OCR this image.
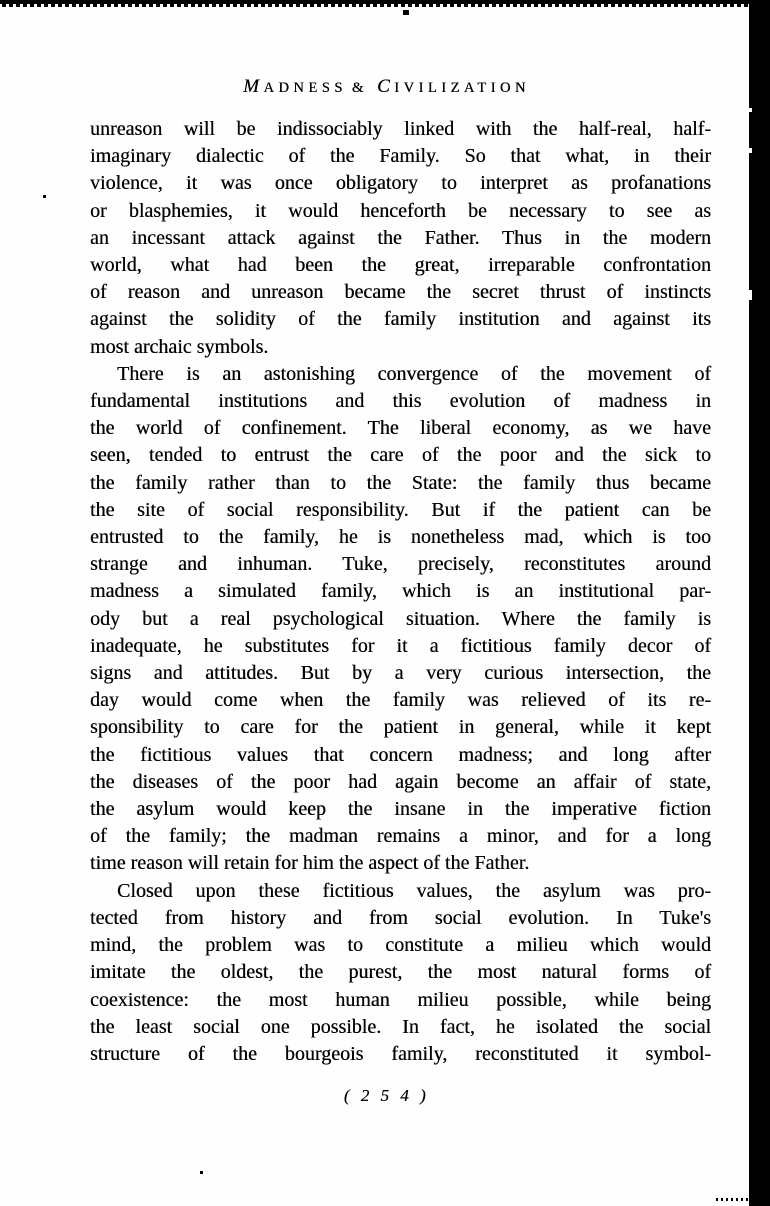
MADNESS & CIVILIZATION
unreason will be indissociably linked with the half-real, half-
imaginary dialectic of the Family. So that what, in their
violence, it was once obligatory to interpret as profanations
or blasphemies, it would henceforth be necessary to see as
an incessant attack against the Father. Thus in the modern
world, what had been the great, irreparable confrontation
of reason and unreason became the secret thrust of instincts
against the solidity of the family institution and against its
most archaic symbols.
There is an astonishing convergence of the movement of
fundamental institutions and this evolution of madness in
the world of confinement. The liberal economy, as we have
seen, tended to entrust the care of the poor and the sick to
the family rather than to the State: the family thus became
the site of social responsibility. But if the patient can be
entrusted to the family, he is nonetheless mad, which is too
strange and inhuman. Tuke, precisely, reconstitutes around
madness a simulated family, which is an institutional par-
ody but a real psychological situation. Where the family is
inadequate, he substitutes for it a fictitious family decor of
signs and attitudes. But by a very curious intersection, the
day would come when the family was relieved of its re-
sponsibility to care for the patient in general, while it kept
the fictitious values that concern madness; and long after
the diseases of the poor had again become an affair of state,
the asylum would keep the insane in the imperative fiction
of the family; the madman remains a minor, and for a long
time reason will retain for him the aspect of the Father.
Closed upon these fictitious values, the asylum was pro-
tected from history and from social evolution. In Tuke's
mind, the problem was to constitute a milieu which would
imitate the oldest, the purest, the most natural forms of
coexistence: the most human milieu possible, while being
the least social one possible. In fact, he isolated the social
structure of the bourgeois family, reconstituted it symbol-
( 2 5 4 )
